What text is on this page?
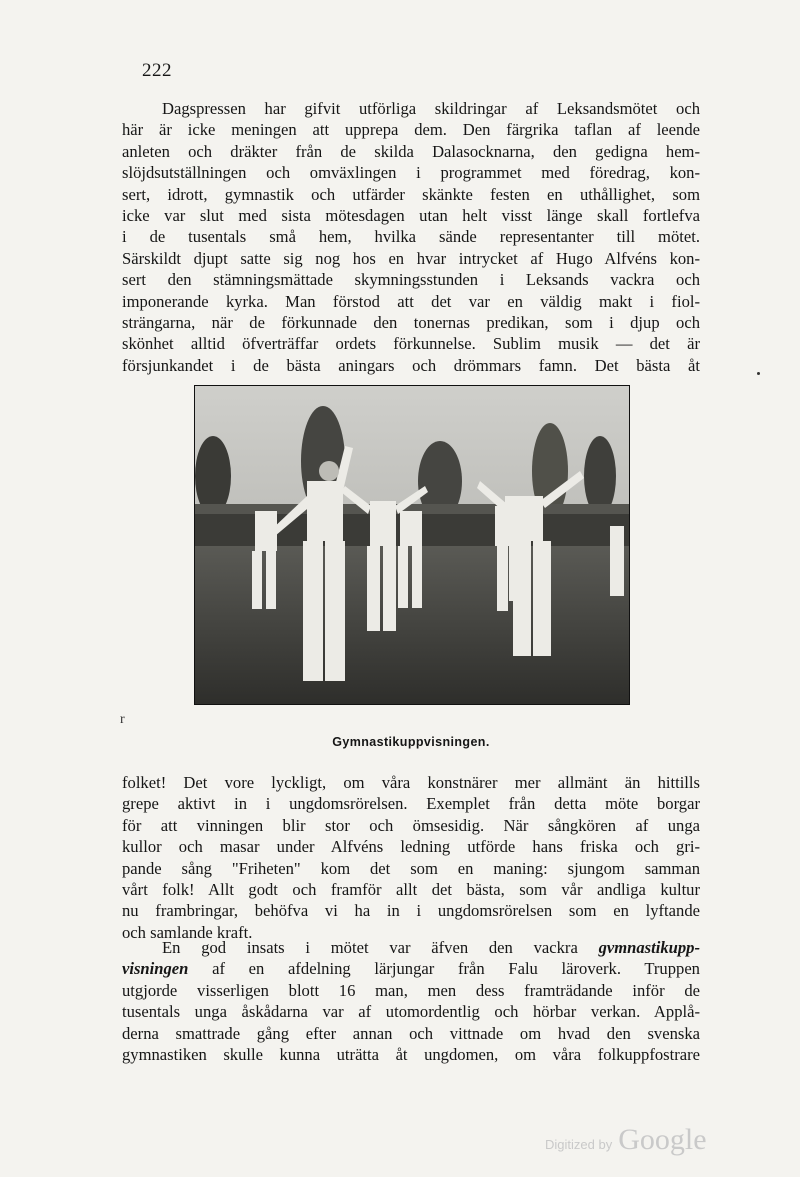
222
Dagspressen har gifvit utförliga skildringar af Leksandsmötet och
här är icke meningen att upprepa dem. Den färgrika taflan af leende
anleten och dräkter från de skilda Dalasocknarna, den gedigna hem-
slöjdsutställningen och omväxlingen i programmet med föredrag, kon-
sert, idrott, gymnastik och utfärder skänkte festen en uthållighet, som
icke var slut med sista mötesdagen utan helt visst länge skall fortlefva
i de tusentals små hem, hvilka sände representanter till mötet.
Särskildt djupt satte sig nog hos en hvar intrycket af Hugo Alfvéns kon-
sert den stämningsmättade skymningsstunden i Leksands vackra och
imponerande kyrka. Man förstod att det var en väldig makt i fiol-
strängarna, när de förkunnade den tonernas predikan, som i djup och
skönhet alltid öfverträffar ordets förkunnelse. Sublim musik — det är
försjunkandet i de bästa aningars och drömmars famn. Det bästa åt
r
Gymnastikuppvisningen.
folket! Det vore lyckligt, om våra konstnärer mer allmänt än hittills
grepe aktivt in i ungdomsrörelsen. Exemplet från detta möte borgar
för att vinningen blir stor och ömsesidig. När sångkören af unga
kullor och masar under Alfvéns ledning utförde hans friska och gri-
pande sång "Friheten" kom det som en maning: sjungom samman
vårt folk! Allt godt och framför allt det bästa, som vår andliga kultur
nu frambringar, behöfva vi ha in i ungdomsrörelsen som en lyftande
och samlande kraft.
En god insats i mötet var äfven den vackra gvmnastikupp-
visningen af en afdelning lärjungar från Falu läroverk. Truppen
utgjorde visserligen blott 16 man, men dess framträdande inför de
tusentals unga åskådarna var af utomordentlig och hörbar verkan. Applå-
derna smattrade gång efter annan och vittnade om hvad den svenska
gymnastiken skulle kunna uträtta åt ungdomen, om våra folkuppfostrare
Digitized by Google
